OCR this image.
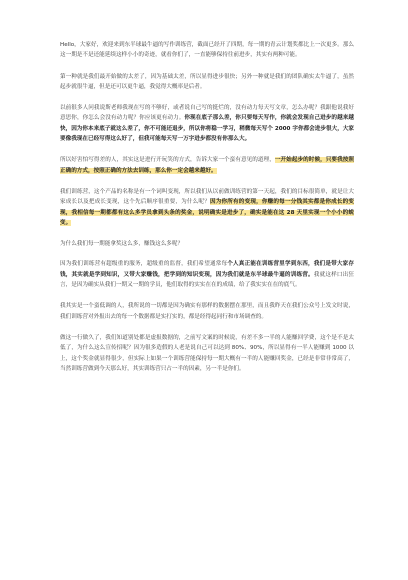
Hello，大家好，欢迎来到东半球最牛逼的写作训练营，截面已经开了四期，每一期的青云计划奖都比上一次更多。那么这一期是不是还能延续这样小小的奇迹，就看你们了，一直能够保持往前进步，其实有两种可能。

第一种就是我们最开始做的太差了，因为基础太差，所以显得进步很快；另外一种就是我们的团队确实太牛逼了，虽然起步就很牛逼，但是还可以更牛逼，我觉得大概率是后者。

以前很多人问我说斯老师我现在写的不够好，或者说自己写的挺烂的，没有动力每天写文章，怎么办呢？我跟他说我好意思你，你怎么会没有动力呢？你应该更有动力。你现在底子那么差，你只要每天写作，你就会发现自己进步的越来越快，因为你本来底子就这么差了，你不可能还退步，所以你将稳一学习，稍微每天写个 2000 字你都会进步很大，大家要像我现在已经写得这么好了，但我可能每天写一万字进步都没有你那么大。

所以好害怕写得差的人，其实这是进行开玩笑的方式，告诉大家一个蛮有意见的道理，一开始起步的时候，只要我按照正确的方式，按照正确的方法去训练，那么你一定会越来越好。

我们训练营，这个产品的名称是有一个词叫变现，所以我们从以前做训练营的第一天起，我们的目标很简单，就是让大家成长以及把成长变现，这个先后顺序很重要，为什么呢？因为你所有的变现，你赚的每一分钱其实都是你成长的变现，我相信每一期都都有这么多学员拿到头条的奖金，说明确实是进步了，确实是能在这 28 天里实现一个小小的蜕变。

为什么我们每一期能拿奖这么多，赚钱这么多呢？

因为我们训练营有超级重的服务，超级重的监督，我们希望通常每个人真正能在训练营里学到东西，我们是带大家存钱，其实就是学到知识，又带大家赚钱，把学到的知识变现，因为我们就是东半球最牛逼的训练营。我就这样口出狂言，是因为确实从我们一期又一期的学员，他们取得的实实在在的成绩，给了我实实在在的底气。

我其实是一个蛮低调的人，我所说的一切都是因为确实有那样的数据摆在那里，而且我昨天在我们公众号上发文时说，我们训练营对外报出去的每一个数据都是实打实的，都是经得起同行和市场调查的。

做这一行做久了，我们知道别处都是虚报数据的，之前写文案的时候说，有差不多一半的人能赚回学费，这个是不是太低了，为什么这么宣传招呢？因为很多造假的人老是说自己可以达到 80%、90%，所以显得有一半人能赚到 1000 以上，这个奖金就显得很少，但实际上如果一个训练营能保持每一期大概有一半的人能赚回奖金，已经是非常非常高了，当然训练营做到今天那么好，其实训练营只占一半的因素，另一半是你们。
